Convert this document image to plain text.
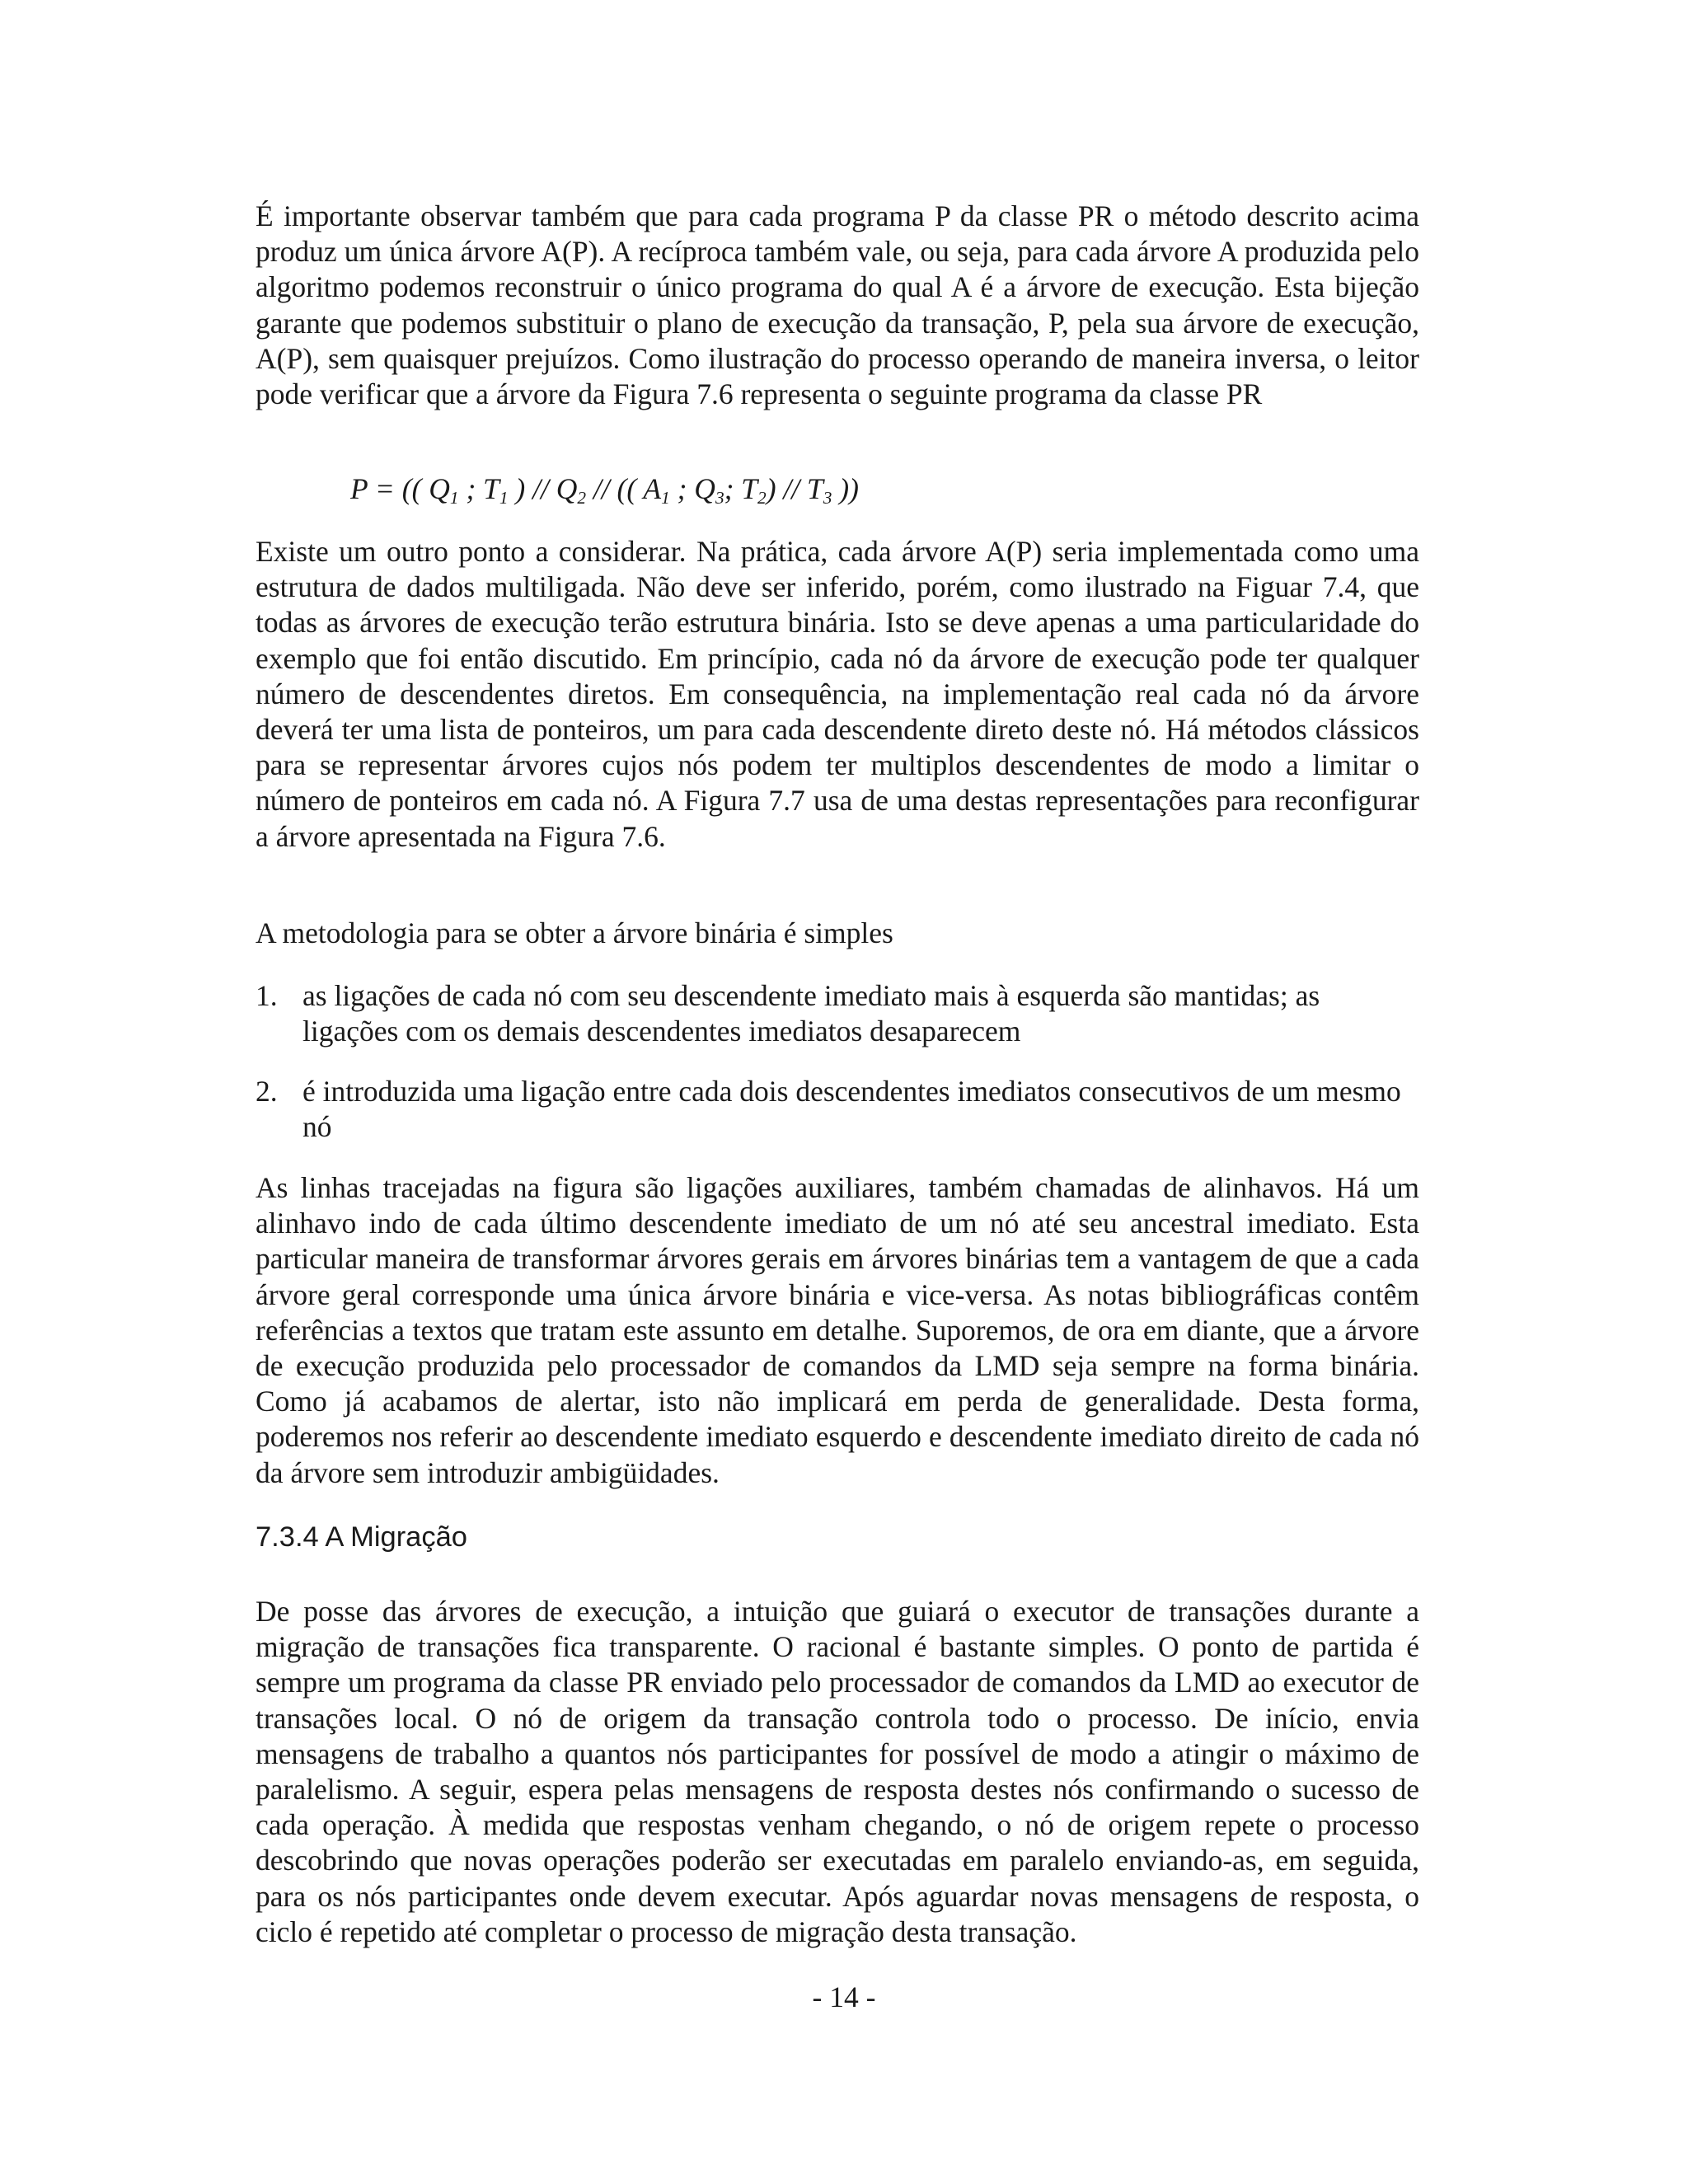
É importante observar também que para cada programa P da classe PR o método descrito acima produz um única árvore A(P). A recíproca também vale, ou seja, para cada árvore A produzida pelo algoritmo podemos reconstruir o único programa do qual A é a árvore de execução. Esta bijeção garante que podemos substituir o plano de execução da transação, P, pela sua árvore de execução, A(P), sem quaisquer prejuízos. Como ilustração do processo operando de maneira inversa, o leitor pode verificar que a árvore da Figura 7.6 representa o seguinte programa da classe PR
P = (( $Q_1$ ; $T_1$ ) // $Q_2$ // (( $A_1$ ; $Q_3$; $T_2) // T_3$ ))
Existe um outro ponto a considerar. Na prática, cada árvore A(P) seria implementada como uma estrutura de dados multiligada. Não deve ser inferido, porém, como ilustrado na Figuar 7.4, que todas as árvores de execução terão estrutura binária. Isto se deve apenas a uma particularidade do exemplo que foi então discutido. Em princípio, cada nó da árvore de execução pode ter qualquer número de descendentes diretos. Em consequência, na implementação real cada nó da árvore deverá ter uma lista de ponteiros, um para cada descendente direto deste nó. Há métodos clássicos para se representar árvores cujos nós podem ter multiplos descendentes de modo a limitar o número de ponteiros em cada nó. A Figura 7.7 usa de uma destas representações para reconfigurar a árvore apresentada na Figura 7.6.
A metodologia para se obter a árvore binária é simples
1. as ligações de cada nó com seu descendente imediato mais à esquerda são mantidas; as ligações com os demais descendentes imediatos desaparecem
2. é introduzida uma ligação entre cada dois descendentes imediatos consecutivos de um mesmo nó
As linhas tracejadas na figura são ligações auxiliares, também chamadas de alinhavos. Há um alinhavo indo de cada último descendente imediato de um nó até seu ancestral imediato. Esta particular maneira de transformar árvores gerais em árvores binárias tem a vantagem de que a cada árvore geral corresponde uma única árvore binária e vice-versa. As notas bibliográficas contêm referências a textos que tratam este assunto em detalhe. Suporemos, de ora em diante, que a árvore de execução produzida pelo processador de comandos da LMD seja sempre na forma binária. Como já acabamos de alertar, isto não implicará em perda de generalidade. Desta forma, poderemos nos referir ao descendente imediato esquerdo e descendente imediato direito de cada nó da árvore sem introduzir ambigüidades.
7.3.4 A Migração
De posse das árvores de execução, a intuição que guiará o executor de transações durante a migração de transações fica transparente. O racional é bastante simples. O ponto de partida é sempre um programa da classe PR enviado pelo processador de comandos da LMD ao executor de transações local. O nó de origem da transação controla todo o processo. De início, envia mensagens de trabalho a quantos nós participantes for possível de modo a atingir o máximo de paralelismo. A seguir, espera pelas mensagens de resposta destes nós confirmando o sucesso de cada operação. À medida que respostas venham chegando, o nó de origem repete o processo descobrindo que novas operações poderão ser executadas em paralelo enviando-as, em seguida, para os nós participantes onde devem executar. Após aguardar novas mensagens de resposta, o ciclo é repetido até completar o processo de migração desta transação.
- 14 -
